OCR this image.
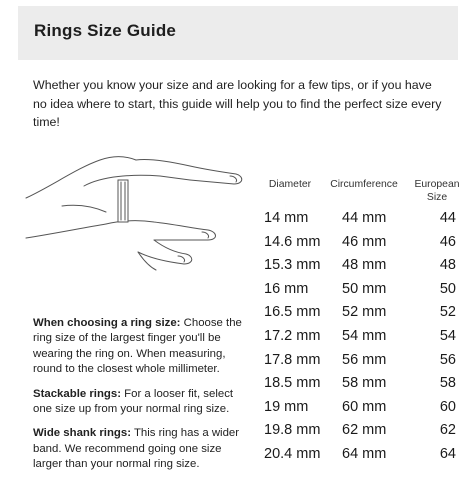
Rings Size Guide

Whether you know your size and are looking for a few tips, or if you have no idea where to start, this guide will help you to find the perfect size every time!

When choosing a ring size: Choose the ring size of the largest finger you'll be wearing the ring on. When measuring, round to the closest whole millimeter.

Stackable rings: For a looser fit, select one size up from your normal ring size.

Wide shank rings: This ring has a wider band. We recommend going one size larger than your normal ring size.

Diameter	Circumference	European
Size
14 mm 44 mm	44
14.6 mm 46 mm	46
15.3 mm 48 mm	48
16 mm 50 mm	50
16.5 mm 52 mm	52
17.2 mm 54 mm	54
17.8 mm 56 mm	56
18.5 mm 58 mm	58
19 mm 60 mm	60
19.8 mm 62 mm	62
20.4 mm 64 mm	64
